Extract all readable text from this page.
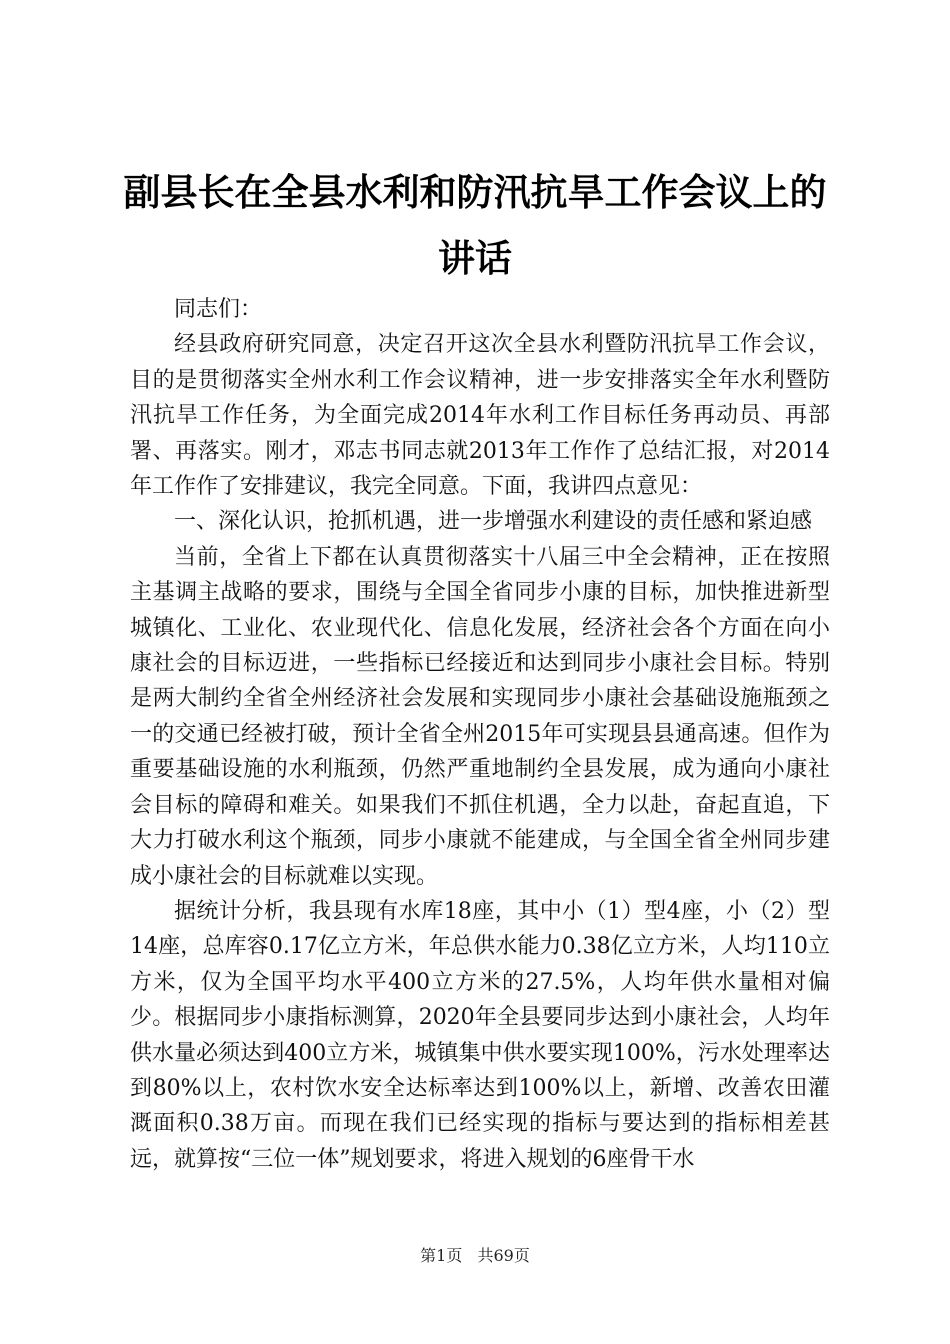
副县长在全县水利和防汛抗旱工作会议上的讲话

同志们：

经县政府研究同意，决定召开这次全县水利暨防汛抗旱工作会议，目的是贯彻落实全州水利工作会议精神，进一步安排落实全年水利暨防汛抗旱工作任务，为全面完成2014年水利工作目标任务再动员、再部署、再落实。刚才，邓志书同志就2013年工作作了总结汇报，对2014年工作作了安排建议，我完全同意。下面，我讲四点意见：

一、深化认识，抢抓机遇，进一步增强水利建设的责任感和紧迫感

当前，全省上下都在认真贯彻落实十八届三中全会精神，正在按照主基调主战略的要求，围绕与全国全省同步小康的目标，加快推进新型城镇化、工业化、农业现代化、信息化发展，经济社会各个方面在向小康社会的目标迈进，一些指标已经接近和达到同步小康社会目标。特别是两大制约全省全州经济社会发展和实现同步小康社会基础设施瓶颈之一的交通已经被打破，预计全省全州2015年可实现县县通高速。但作为重要基础设施的水利瓶颈，仍然严重地制约全县发展，成为通向小康社会目标的障碍和难关。如果我们不抓住机遇，全力以赴，奋起直追，下大力打破水利这个瓶颈，同步小康就不能建成，与全国全省全州同步建成小康社会的目标就难以实现。

据统计分析，我县现有水库18座，其中小（1）型4座，小（2）型14座，总库容0.17亿立方米，年总供水能力0.38亿立方米，人均110立方米，仅为全国平均水平400立方米的27.5%，人均年供水量相对偏少。根据同步小康指标测算，2020年全县要同步达到小康社会，人均年供水量必须达到400立方米，城镇集中供水要实现100%，污水处理率达到80%以上，农村饮水安全达标率达到100%以上，新增、改善农田灌溉面积0.38万亩。而现在我们已经实现的指标与要达到的指标相差甚远，就算按“三位一体”规划要求，将进入规划的6座骨干水

第1页 共69页
